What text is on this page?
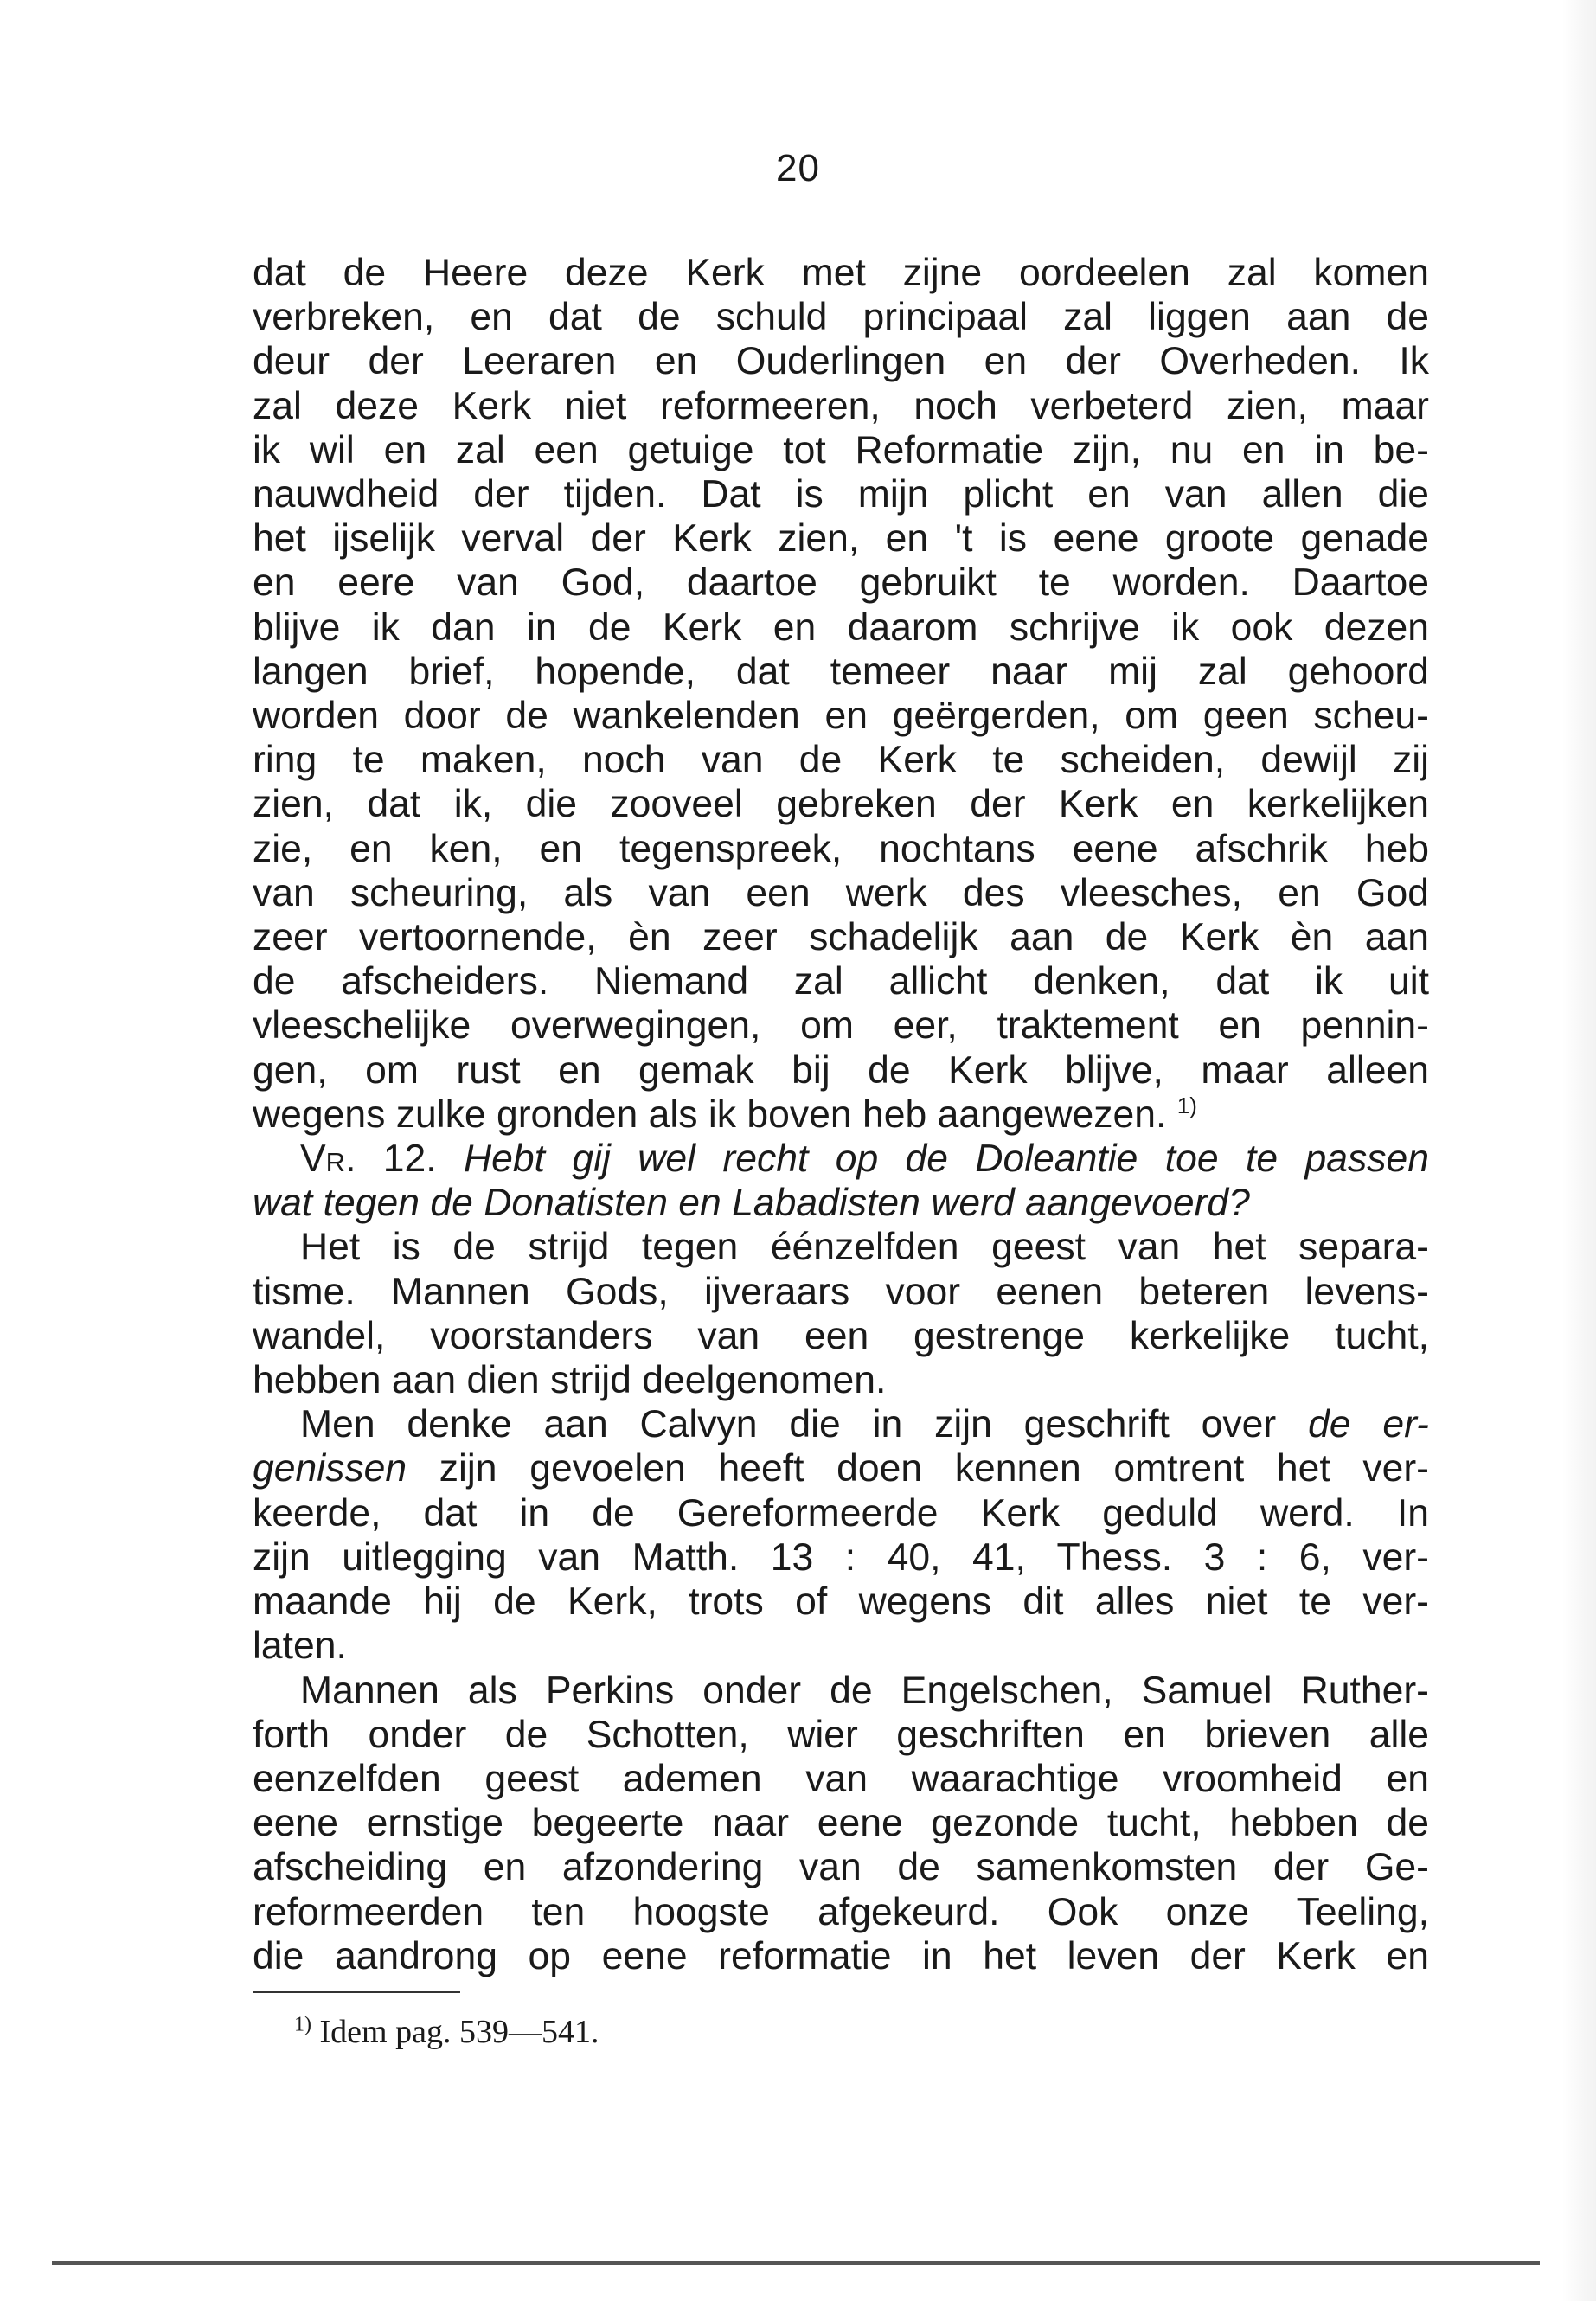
20

dat de Heere deze Kerk met zijne oordeelen zal komen

verbreken, en dat de schuld principaal zal liggen aan de

deur der Leeraren en Ouderlingen en der Overheden. Ik

zal deze Kerk niet reformeeren, noch verbeterd zien, maar

ik wil en zal een getuige tot Reformatie zijn, nu en in be-

nauwdheid der tijden. Dat is mijn plicht en van allen die

het ijselijk verval der Kerk zien, en 't is eene groote genade

en eere van God, daartoe gebruikt te worden. Daartoe

blijve ik dan in de Kerk en daarom schrijve ik ook dezen

langen brief, hopende, dat temeer naar mij zal gehoord

worden door de wankelenden en geërgerden, om geen scheu-

ring te maken, noch van de Kerk te scheiden, dewijl zij

zien, dat ik, die zooveel gebreken der Kerk en kerkelijken

zie, en ken, en tegenspreek, nochtans eene afschrik heb

van scheuring, als van een werk des vleesches, en God

zeer vertoornende, èn zeer schadelijk aan de Kerk èn aan

de afscheiders. Niemand zal allicht denken, dat ik uit

vleeschelijke overwegingen, om eer, traktement en pennin-

gen, om rust en gemak bij de Kerk blijve, maar alleen

wegens zulke gronden als ik boven heb aangewezen. $^{1)}$

Vr. 12. Hebt gij wel recht op de Doleantie toe te passen

wat tegen de Donatisten en Labadisten werd aangevoerd?

Het is de strijd tegen éénzelfden geest van het separa-

tisme. Mannen Gods, ijveraars voor eenen beteren levens-

wandel, voorstanders van een gestrenge kerkelijke tucht,

hebben aan dien strijd deelgenomen.

Men denke aan Calvyn die in zijn geschrift over de er-

genissen zijn gevoelen heeft doen kennen omtrent het ver-

keerde, dat in de Gereformeerde Kerk geduld werd. In

zijn uitlegging van Matth. 13 : 40, 41, Thess. 3 : 6, ver-

maande hij de Kerk, trots of wegens dit alles niet te ver-

laten.

Mannen als Perkins onder de Engelschen, Samuel Ruther-

forth onder de Schotten, wier geschriften en brieven alle

eenzelfden geest ademen van waarachtige vroomheid en

eene ernstige begeerte naar eene gezonde tucht, hebben de

afscheiding en afzondering van de samenkomsten der Ge-

reformeerden ten hoogste afgekeurd. Ook onze Teeling,

die aandrong op eene reformatie in het leven der Kerk en

$^{1)}$ Idem pag. 539—541.
